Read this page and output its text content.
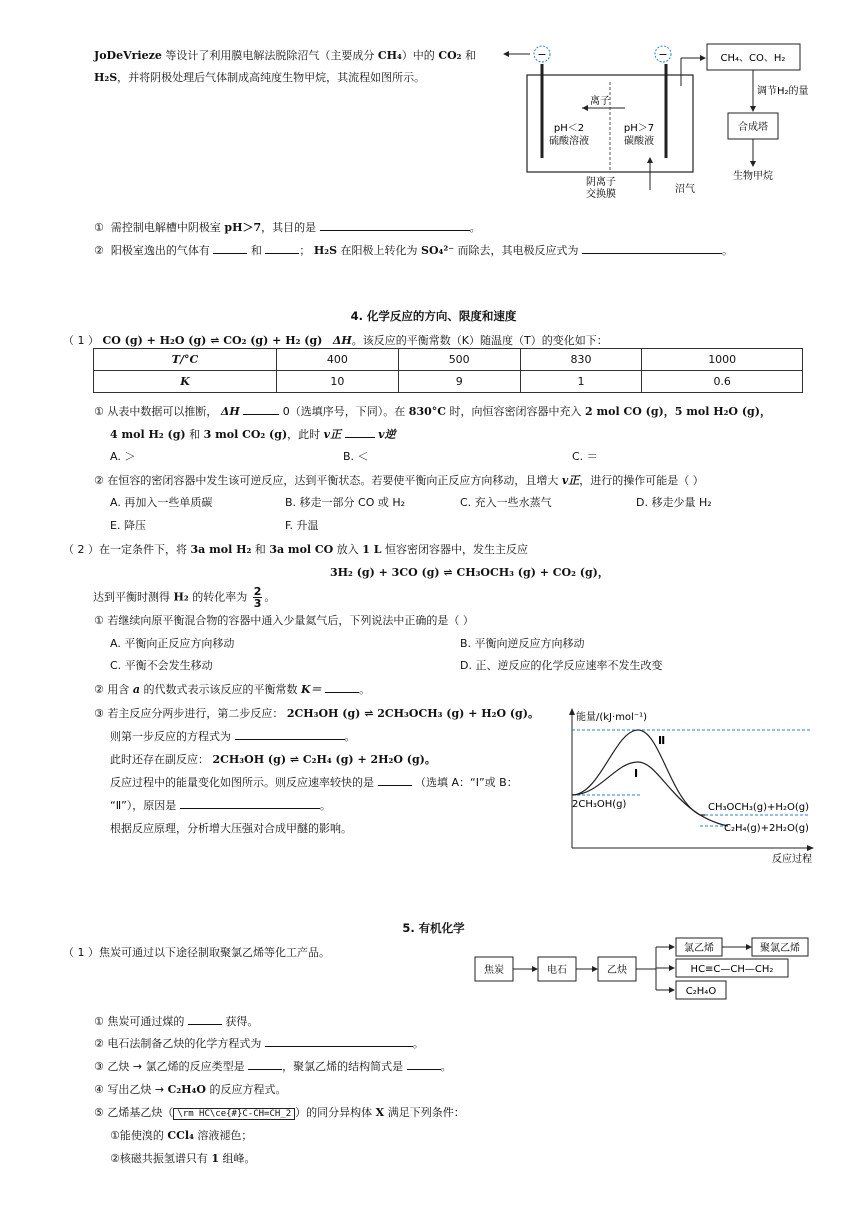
JoDeVrieze 等设计了利用膜电解法脱除沼气（主要成分 CH₄）中的 CO₂ 和
H₂S，并将阴极处理后气体制成高纯度生物甲烷，其流程如图所示。
−	−
离子
pH＜2
硫酸溶液
pH＞7
碳酸液
阴离子
交换膜	沼气
CH₄、CO、H₂
调节H₂的量
合成塔
生物甲烷
① 需控制电解槽中阴极室 pH＞7，其目的是	。
② 阳极室逸出的气体有	和	； H₂S 在阳极上转化为 SO₄²⁻ 而除去，其电极反应式为	。
4. 化学反应的方向、限度和速度
（ 1 ） CO (g) + H₂O (g) ⇌ CO₂ (g) + H₂ (g) ΔH。该反应的平衡常数（K）随温度（T）的变化如下：
T/°C	400	500	830	1000
K	10	9	1	0.6
① 从表中数据可以推断， ΔH	0（选填序号，下同）。在 830°C 时，向恒容密闭容器中充入 2 mol CO (g)，5 mol H₂O (g)，
4 mol H₂ (g) 和 3 mol CO₂ (g)，此时 v正	v逆
A. ＞	B. ＜	C. ＝
② 在恒容的密闭容器中发生该可逆反应，达到平衡状态。若要使平衡向正反应方向移动，且增大 v正，进行的操作可能是（ ）
A. 再加入一些单质碳	B. 移走一部分 CO 或 H₂	C. 充入一些水蒸气	D. 移走少量 H₂
E. 降压	F. 升温
（ 2 ）在一定条件下，将 3a mol H₂ 和 3a mol CO 放入 1 L 恒容密闭容器中，发生主反应
3H₂ (g) + 3CO (g) ⇌ CH₃OCH₃ (g) + CO₂ (g)，
达到平衡时测得 H₂ 的转化率为 $\frac{2}{3}$ 。
① 若继续向原平衡混合物的容器中通入少量氦气后，下列说法中正确的是（ ）
A. 平衡向正反应方向移动	B. 平衡向逆反应方向移动
C. 平衡不会发生移动	D. 正、逆反应的化学反应速率不发生改变
② 用含 a 的代数式表示该反应的平衡常数 K＝	。
③ 若主反应分两步进行，第二步反应： 2CH₃OH (g) ⇌ 2CH₃OCH₃ (g) + H₂O (g)。
则第一步反应的方程式为	。
此时还存在副反应： 2CH₃OH (g) ⇌ C₂H₄ (g) + 2H₂O (g)。
反应过程中的能量变化如图所示。则反应速率较快的是	（选填 A：“Ⅰ”或 B：
“Ⅱ”），原因是	。
根据反应原理，分析增大压强对合成甲醚的影响。
能量/(kJ·mol⁻¹)
反应过程
Ⅱ
Ⅰ
2CH₃OH(g)	CH₃OCH₃(g)+H₂O(g)
C₂H₄(g)+2H₂O(g)
5. 有机化学
（ 1 ）焦炭可通过以下途径制取聚氯乙烯等化工产品。
焦炭	电石	乙炔
氯乙烯	聚氯乙烯
HC≡C—CH—CH₂
C₂H₄O
① 焦炭可通过煤的	获得。
② 电石法制备乙炔的化学方程式为	。
③ 乙炔 → 氯乙烯的反应类型是	，聚氯乙烯的结构简式是	。
④ 写出乙炔 → C₂H₄O 的反应方程式。
⑤ 乙烯基乙炔（ \rm HC\ce{#}C-CH=CH_2 ）的同分异构体 X 满足下列条件：
①能使溴的 CCl₄ 溶液褪色；
②核磁共振氢谱只有 1 组峰。
